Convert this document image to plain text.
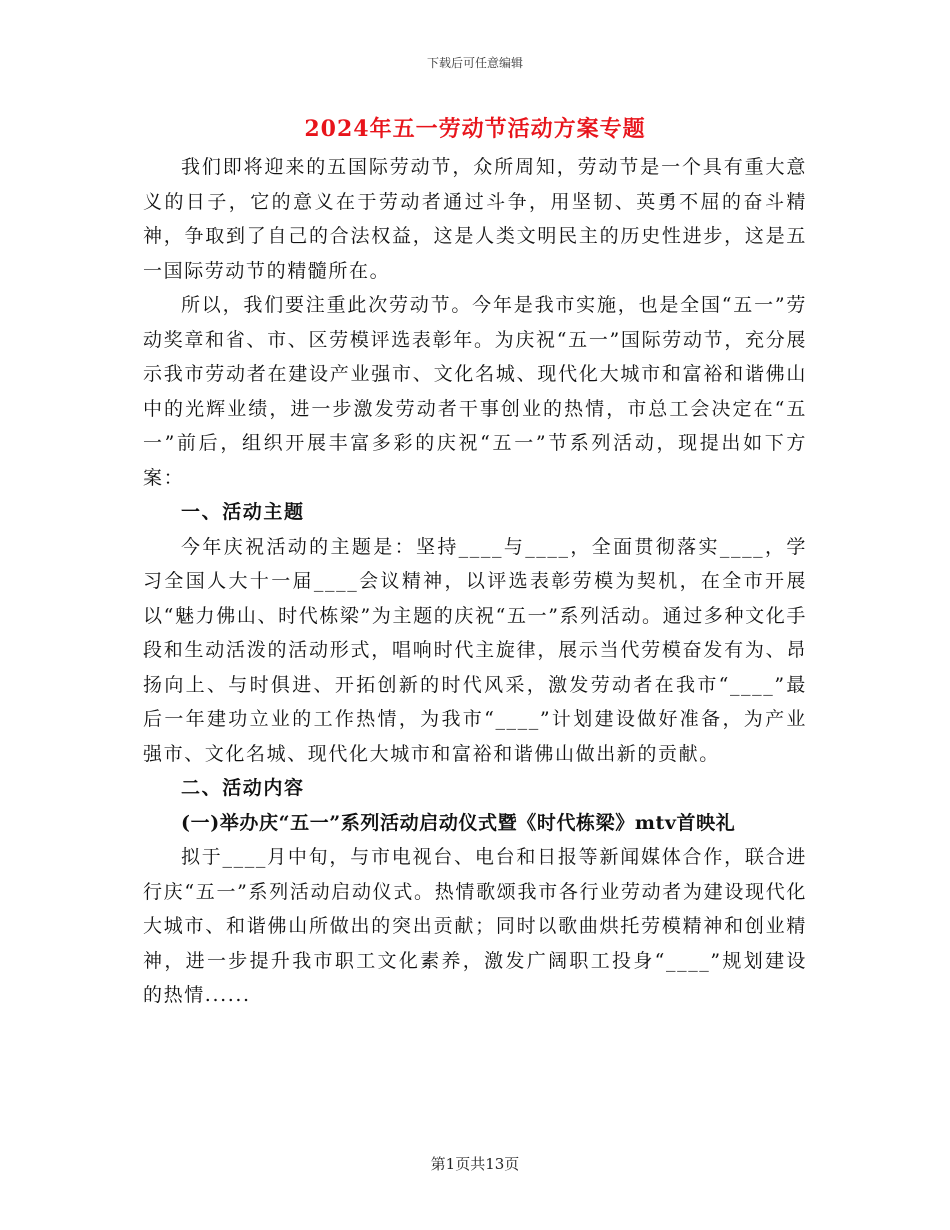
下载后可任意编辑
2024年五一劳动节活动方案专题

我们即将迎来的五国际劳动节，众所周知，劳动节是一个具有重大意义的日子，它的意义在于劳动者通过斗争，用坚韧、英勇不屈的奋斗精神，争取到了自己的合法权益，这是人类文明民主的历史性进步，这是五一国际劳动节的精髓所在。

所以，我们要注重此次劳动节。今年是我市实施，也是全国“五一”劳动奖章和省、市、区劳模评选表彰年。为庆祝“五一”国际劳动节，充分展示我市劳动者在建设产业强市、文化名城、现代化大城市和富裕和谐佛山中的光辉业绩，进一步激发劳动者干事创业的热情，市总工会决定在“五一”前后，组织开展丰富多彩的庆祝“五一”节系列活动，现提出如下方案：

一、活动主题

今年庆祝活动的主题是：坚持____与____，全面贯彻落实____，学习全国人大十一届____会议精神，以评选表彰劳模为契机，在全市开展以“魅力佛山、时代栋梁”为主题的庆祝“五一”系列活动。通过多种文化手段和生动活泼的活动形式，唱响时代主旋律，展示当代劳模奋发有为、昂扬向上、与时俱进、开拓创新的时代风采，激发劳动者在我市“____”最后一年建功立业的工作热情，为我市“____”计划建设做好准备，为产业强市、文化名城、现代化大城市和富裕和谐佛山做出新的贡献。

二、活动内容

(一)举办庆“五一”系列活动启动仪式暨《时代栋梁》mtv首映礼

拟于____月中旬，与市电视台、电台和日报等新闻媒体合作，联合进行庆“五一”系列活动启动仪式。热情歌颂我市各行业劳动者为建设现代化大城市、和谐佛山所做出的突出贡献；同时以歌曲烘托劳模精神和创业精神，进一步提升我市职工文化素养，激发广阔职工投身“____”规划建设的热情......

第1页共13页
